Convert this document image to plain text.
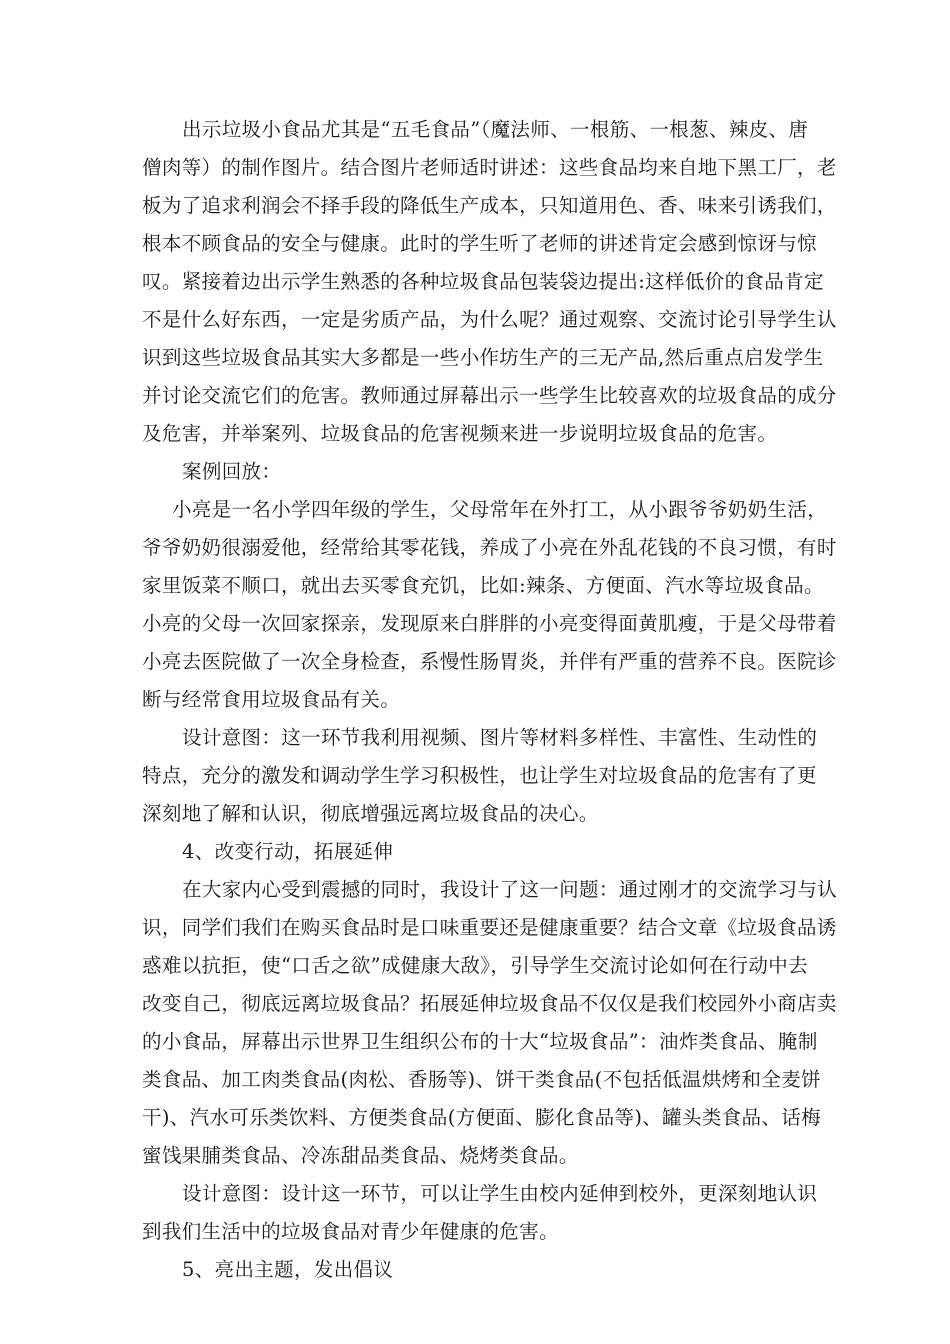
出示垃圾小食品尤其是“五毛食品”（魔法师、一根筋、一根葱、辣皮、唐
僧肉等）的制作图片。结合图片老师适时讲述：这些食品均来自地下黑工厂，老
板为了追求利润会不择手段的降低生产成本，只知道用色、香、味来引诱我们，
根本不顾食品的安全与健康。此时的学生听了老师的讲述肯定会感到惊讶与惊
叹。紧接着边出示学生熟悉的各种垃圾食品包装袋边提出:这样低价的食品肯定
不是什么好东西，一定是劣质产品，为什么呢？通过观察、交流讨论引导学生认
识到这些垃圾食品其实大多都是一些小作坊生产的三无产品,然后重点启发学生
并讨论交流它们的危害。教师通过屏幕出示一些学生比较喜欢的垃圾食品的成分
及危害，并举案列、垃圾食品的危害视频来进一步说明垃圾食品的危害。
案例回放：
小亮是一名小学四年级的学生，父母常年在外打工，从小跟爷爷奶奶生活，
爷爷奶奶很溺爱他，经常给其零花钱，养成了小亮在外乱花钱的不良习惯，有时
家里饭菜不顺口，就出去买零食充饥，比如:辣条、方便面、汽水等垃圾食品。
小亮的父母一次回家探亲，发现原来白胖胖的小亮变得面黄肌瘦，于是父母带着
小亮去医院做了一次全身检查，系慢性肠胃炎，并伴有严重的营养不良。医院诊
断与经常食用垃圾食品有关。
设计意图：这一环节我利用视频、图片等材料多样性、丰富性、生动性的
特点，充分的激发和调动学生学习积极性，也让学生对垃圾食品的危害有了更
深刻地了解和认识，彻底增强远离垃圾食品的决心。
4、改变行动，拓展延伸
在大家内心受到震撼的同时，我设计了这一问题：通过刚才的交流学习与认
识，同学们我们在购买食品时是口味重要还是健康重要？结合文章《垃圾食品诱
惑难以抗拒，使“口舌之欲”成健康大敌》，引导学生交流讨论如何在行动中去
改变自己，彻底远离垃圾食品？拓展延伸垃圾食品不仅仅是我们校园外小商店卖
的小食品，屏幕出示世界卫生组织公布的十大“垃圾食品”：油炸类食品、腌制
类食品、加工肉类食品(肉松、香肠等)、饼干类食品(不包括低温烘烤和全麦饼
干)、汽水可乐类饮料、方便类食品(方便面、膨化食品等)、罐头类食品、话梅
蜜饯果脯类食品、冷冻甜品类食品、烧烤类食品。
设计意图：设计这一环节，可以让学生由校内延伸到校外，更深刻地认识
到我们生活中的垃圾食品对青少年健康的危害。
5、亮出主题，发出倡议
